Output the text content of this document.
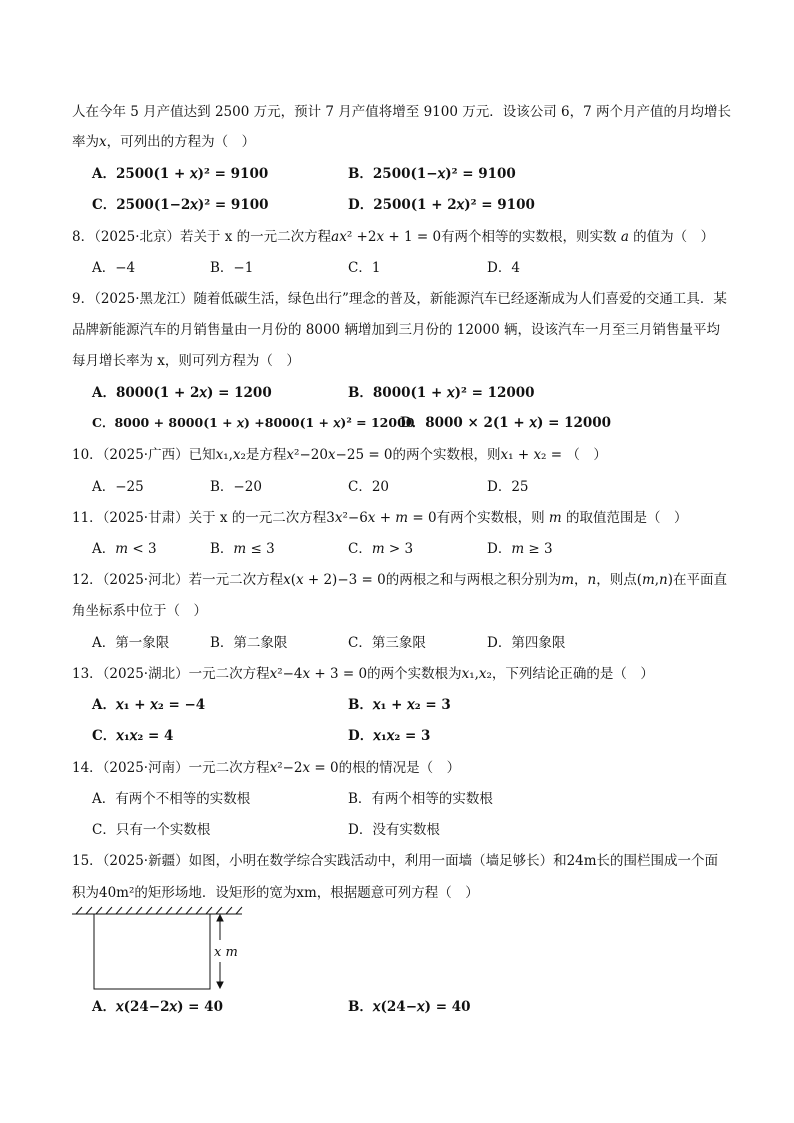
人在今年 5 月产值达到 2500 万元，预计 7 月产值将增至 9100 万元．设该公司 6，7 两个月产值的月均增长
率为𝑥，可列出的方程为（　）
A．2500(1 + 𝑥)² = 9100	B．2500(1−𝑥)² = 9100
C．2500(1−2𝑥)² = 9100	D．2500(1 + 2𝑥)² = 9100
8．（2025·北京）若关于 x 的一元二次方程𝑎𝑥² +2𝑥 + 1 = 0有两个相等的实数根，则实数 𝑎 的值为（　）
A．−4	B．−1	C．1	D．4
9．（2025·黑龙江）随着低碳生活，绿色出行”理念的普及，新能源汽车已经逐渐成为人们喜爱的交通工具．某
品牌新能源汽车的月销售量由一月份的 8000 辆增加到三月份的 12000 辆，设该汽车一月至三月销售量平均
每月增长率为 x，则可列方程为（　）
A．8000(1 + 2𝑥) = 1200	B．8000(1 + 𝑥)² = 12000
C．8000 + 8000(1 + 𝑥) +8000(1 + 𝑥)² = 12000
D．8000 × 2(1 + 𝑥) = 12000
10．（2025·广西）已知𝑥₁,𝑥₂是方程𝑥²−20𝑥−25 = 0的两个实数根，则𝑥₁ + 𝑥₂ = （　）
A．−25	B．−20	C．20	D．25
11．（2025·甘肃）关于 x 的一元二次方程3𝑥²−6𝑥 + 𝑚 = 0有两个实数根，则 𝑚 的取值范围是（　）
A．𝑚 < 3	B．𝑚 ≤ 3	C．𝑚 > 3	D．𝑚 ≥ 3
12．（2025·河北）若一元二次方程𝑥(𝑥 + 2)−3 = 0的两根之和与两根之积分别为𝑚，𝑛，则点(𝑚,𝑛)在平面直
角坐标系中位于（　）
A．第一象限	B．第二象限	C．第三象限	D．第四象限
13．（2025·湖北）一元二次方程𝑥²−4𝑥 + 3 = 0的两个实数根为𝑥₁,𝑥₂，下列结论正确的是（　）
A．𝑥₁ + 𝑥₂ = −4	B．𝑥₁ + 𝑥₂ = 3
C．𝑥₁𝑥₂ = 4	D．𝑥₁𝑥₂ = 3
14．（2025·河南）一元二次方程𝑥²−2𝑥 = 0的根的情况是（　）
A．有两个不相等的实数根	B．有两个相等的实数根
C．只有一个实数根	D．没有实数根
15．（2025·新疆）如图，小明在数学综合实践活动中，利用一面墙（墙足够长）和24m长的围栏围成一个面
积为40m²的矩形场地．设矩形的宽为xm，根据题意可列方程（　）
x m
A．𝑥(24−2𝑥) = 40	B．𝑥(24−𝑥) = 40
